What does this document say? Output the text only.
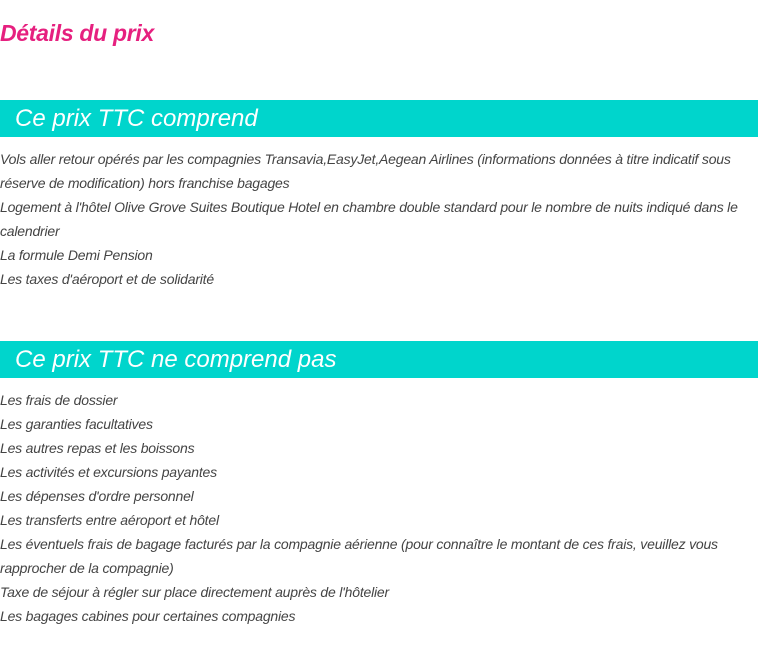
Détails du prix
Ce prix TTC comprend
Vols aller retour opérés par les compagnies Transavia,EasyJet,Aegean Airlines (informations données à titre indicatif sous réserve de modification) hors franchise bagages
Logement à l'hôtel Olive Grove Suites Boutique Hotel en chambre double standard pour le nombre de nuits indiqué dans le calendrier
La formule Demi Pension
Les taxes d'aéroport et de solidarité
Ce prix TTC ne comprend pas
Les frais de dossier
Les garanties facultatives
Les autres repas et les boissons
Les activités et excursions payantes
Les dépenses d'ordre personnel
Les transferts entre aéroport et hôtel
Les éventuels frais de bagage facturés par la compagnie aérienne (pour connaître le montant de ces frais, veuillez vous rapprocher de la compagnie)
Taxe de séjour à régler sur place directement auprès de l'hôtelier
Les bagages cabines pour certaines compagnies
